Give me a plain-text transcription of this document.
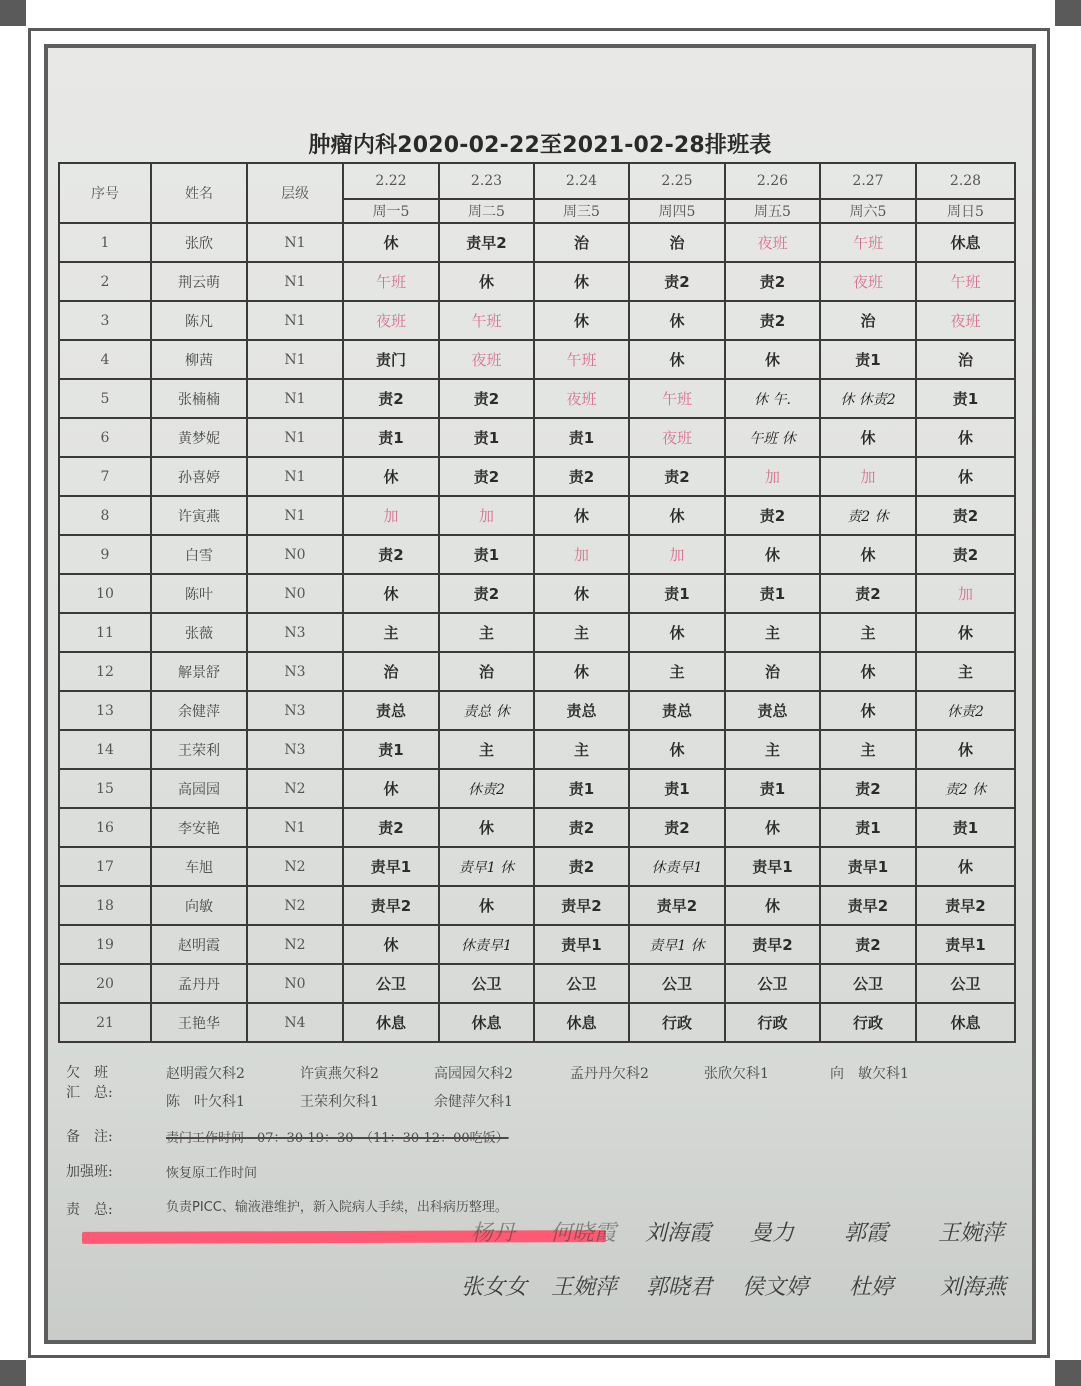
肿瘤内科2020-02-22至2021-02-28排班表
序号	姓名	层级	2.22	2.23	2.24	2.25	2.26	2.27	2.28
			周一5	周二5	周三5	周四5	周五5	周六5	周日5
1	张欣	N1	休	责早2	治	治	夜班	午班	休息
2	荆云萌	N1	午班	休	休	责2	责2	夜班	午班
3	陈凡	N1	夜班	午班	休	休	责2	治	夜班
4	柳茜	N1	责门	夜班	午班	休	休	责1	治
5	张楠楠	N1	责2	责2	夜班	午班	休 午.	休 休责2	责1
6	黄梦妮	N1	责1	责1	责1	夜班	午班 休	休	休
7	孙喜婷	N1	休	责2	责2	责2	加	加	休
8	许寅燕	N1	加	加	休	休	责2	责2 休	责2
9	白雪	N0	责2	责1	加	加	休	休	责2
10	陈叶	N0	休	责2	休	责1	责1	责2	加
11	张薇	N3	主	主	主	休	主	主	休
12	解景舒	N3	治	治	休	主	治	休	主
13	余健萍	N3	责总	责总 休	责总	责总	责总	休	休责2
14	王荣利	N3	责1	主	主	休	主	主	休
15	高园园	N2	休	休责2	责1	责1	责1	责2	责2 休
16	李安艳	N1	责2	休	责2	责2	休	责1	责1
17	车旭	N2	责早1	责早1 休	责2	休责早1	责早1	责早1	休
18	向敏	N2	责早2	休	责早2	责早2	休	责早2	责早2
19	赵明霞	N2	休	休责早1	责早1	责早1 休	责早2	责2	责早1
20	孟丹丹	N0	公卫	公卫	公卫	公卫	公卫	公卫	公卫
21	王艳华	N4	休息	休息	休息	行政	行政	行政	休息
欠　班
汇　总:
赵明霞欠科2	许寅燕欠科2	高园园欠科2	孟丹丹欠科2	张欣欠科1	向　敏欠科1
陈　叶欠科1	王荣利欠科1	余健萍欠科1
备　注:	责门工作时间　07：30-19：30　（11：30-12：00吃饭）
加强班:	恢复原工作时间
责　总:	负责PICC、输液港维护，新入院病人手续，出科病历整理。
杨丹	何晓霞	刘海霞	曼力	郭霞	王婉萍
张女女	王婉萍	郭晓君	侯文婷	杜婷	刘海燕
